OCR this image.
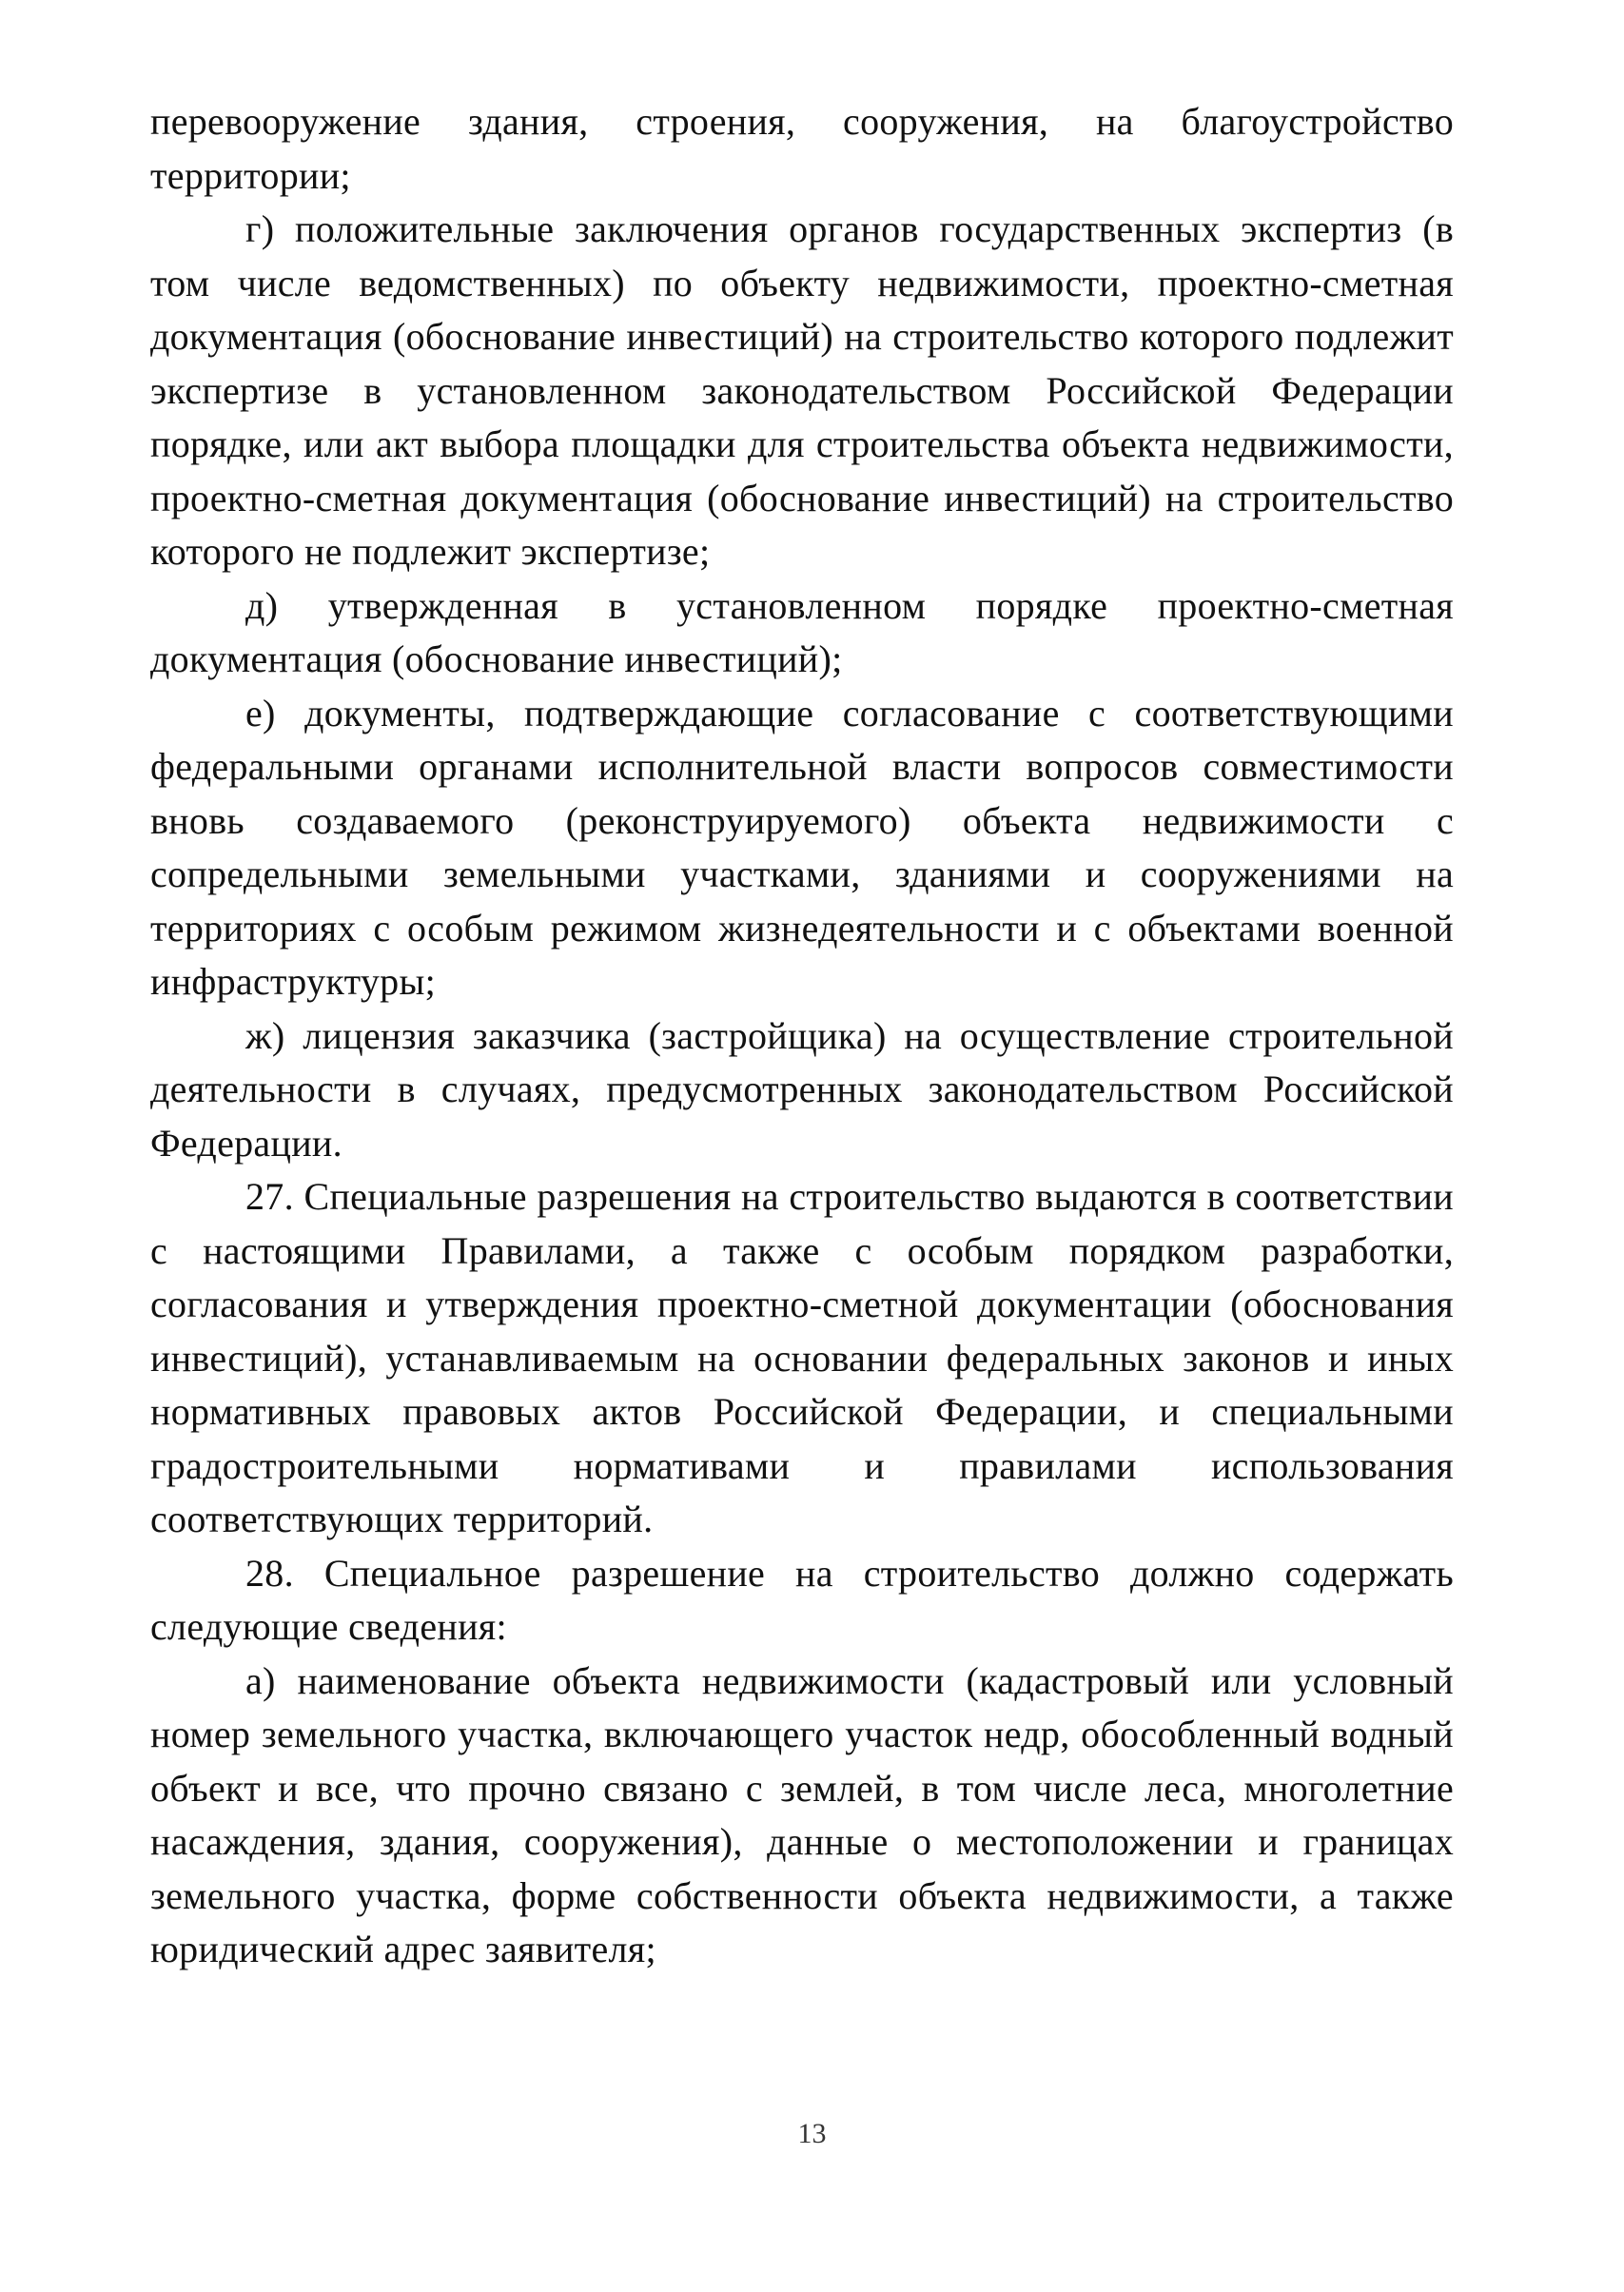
перевооружение здания, строения, сооружения, на благоустройство территории;

г) положительные заключения органов государственных экспертиз (в том числе ведомственных) по объекту недвижимости, проектно-сметная документация (обоснование инвестиций) на строительство которого подлежит экспертизе в установленном законодательством Российской Федерации порядке, или акт выбора площадки для строительства объекта недвижимости, проектно-сметная документация (обоснование инвестиций) на строительство которого не подлежит экспертизе;

д) утвержденная в установленном порядке проектно-сметная документация (обоснование инвестиций);

е) документы, подтверждающие согласование с соответствующими федеральными органами исполнительной власти вопросов совместимости вновь создаваемого (реконструируемого) объекта недвижимости с сопредельными земельными участками, зданиями и сооружениями на территориях с особым режимом жизнедеятельности и с объектами военной инфраструктуры;

ж) лицензия заказчика (застройщика) на осуществление строительной деятельности в случаях, предусмотренных законодательством Российской Федерации.

27. Специальные разрешения на строительство выдаются в соответствии с настоящими Правилами, а также с особым порядком разработки, согласования и утверждения проектно-сметной документации (обоснования инвестиций), устанавливаемым на основании федеральных законов и иных нормативных правовых актов Российской Федерации, и специальными градостроительными нормативами и правилами использования соответствующих территорий.

28. Специальное разрешение на строительство должно содержать следующие сведения:

а) наименование объекта недвижимости (кадастровый или условный номер земельного участка, включающего участок недр, обособленный водный объект и все, что прочно связано с землей, в том числе леса, многолетние насаждения, здания, сооружения), данные о местоположении и границах земельного участка, форме собственности объекта недвижимости, а также юридический адрес заявителя;

13
